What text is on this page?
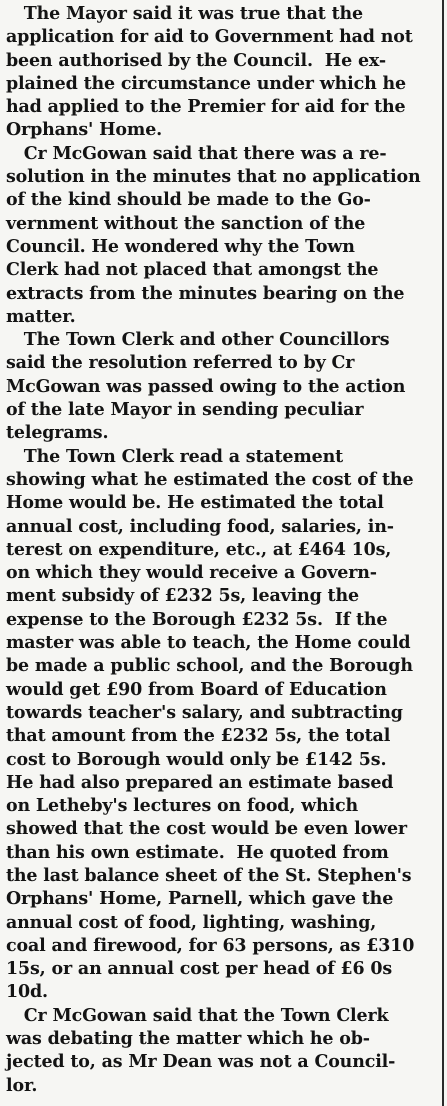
The Mayor said it was true that the
application for aid to Government had not
been authorised by the Council.  He ex-
plained the circumstance under which he
had applied to the Premier for aid for the
Orphans' Home.
Cr McGowan said that there was a re-
solution in the minutes that no application
of the kind should be made to the Go-
vernment without the sanction of the
Council. He wondered why the Town
Clerk had not placed that amongst the
extracts from the minutes bearing on the
matter.
The Town Clerk and other Councillors
said the resolution referred to by Cr
McGowan was passed owing to the action
of the late Mayor in sending peculiar
telegrams.
The Town Clerk read a statement
showing what he estimated the cost of the
Home would be. He estimated the total
annual cost, including food, salaries, in-
terest on expenditure, etc., at £464 10s,
on which they would receive a Govern-
ment subsidy of £232 5s, leaving the
expense to the Borough £232 5s.  If the
master was able to teach, the Home could
be made a public school, and the Borough
would get £90 from Board of Education
towards teacher's salary, and subtracting
that amount from the £232 5s, the total
cost to Borough would only be £142 5s.
He had also prepared an estimate based
on Letheby's lectures on food, which
showed that the cost would be even lower
than his own estimate.  He quoted from
the last balance sheet of the St. Stephen's
Orphans' Home, Parnell, which gave the
annual cost of food, lighting, washing,
coal and firewood, for 63 persons, as £310
15s, or an annual cost per head of £6 0s
10d.
Cr McGowan said that the Town Clerk
was debating the matter which he ob-
jected to, as Mr Dean was not a Council-
lor.
